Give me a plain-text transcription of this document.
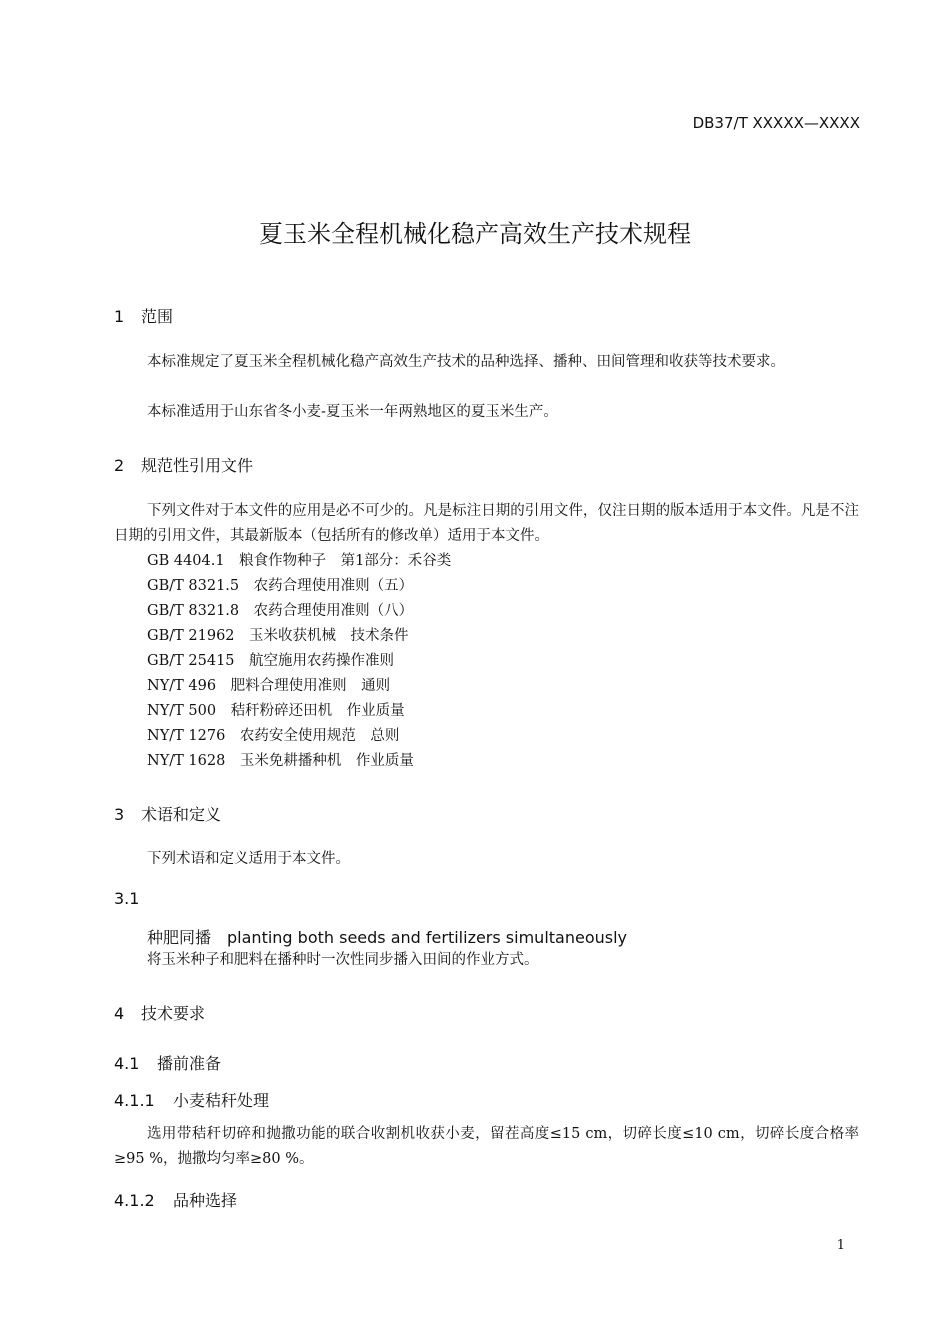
DB37/T XXXXX—XXXX
夏玉米全程机械化稳产高效生产技术规程
1 范围
本标准规定了夏玉米全程机械化稳产高效生产技术的品种选择、播种、田间管理和收获等技术要求。
本标准适用于山东省冬小麦-夏玉米一年两熟地区的夏玉米生产。
2 规范性引用文件
下列文件对于本文件的应用是必不可少的。凡是标注日期的引用文件，仅注日期的版本适用于本文件。凡是不注日期的引用文件，其最新版本（包括所有的修改单）适用于本文件。
GB 4404.1　粮食作物种子　第1部分：禾谷类
GB/T 8321.5　农药合理使用准则（五）
GB/T 8321.8　农药合理使用准则（八）
GB/T 21962　玉米收获机械　技术条件
GB/T 25415　航空施用农药操作准则
NY/T 496　肥料合理使用准则　通则
NY/T 500　秸秆粉碎还田机　作业质量
NY/T 1276　农药安全使用规范　总则
NY/T 1628　玉米免耕播种机　作业质量
3 术语和定义
下列术语和定义适用于本文件。
3.1
种肥同播 planting both seeds and fertilizers simultaneously
将玉米种子和肥料在播种时一次性同步播入田间的作业方式。
4 技术要求
4.1 播前准备
4.1.1 小麦秸秆处理
选用带秸秆切碎和抛撒功能的联合收割机收获小麦，留茬高度≤15 cm，切碎长度≤10 cm，切碎长度合格率≥95 %，抛撒均匀率≥80 %。
4.1.2 品种选择
1
